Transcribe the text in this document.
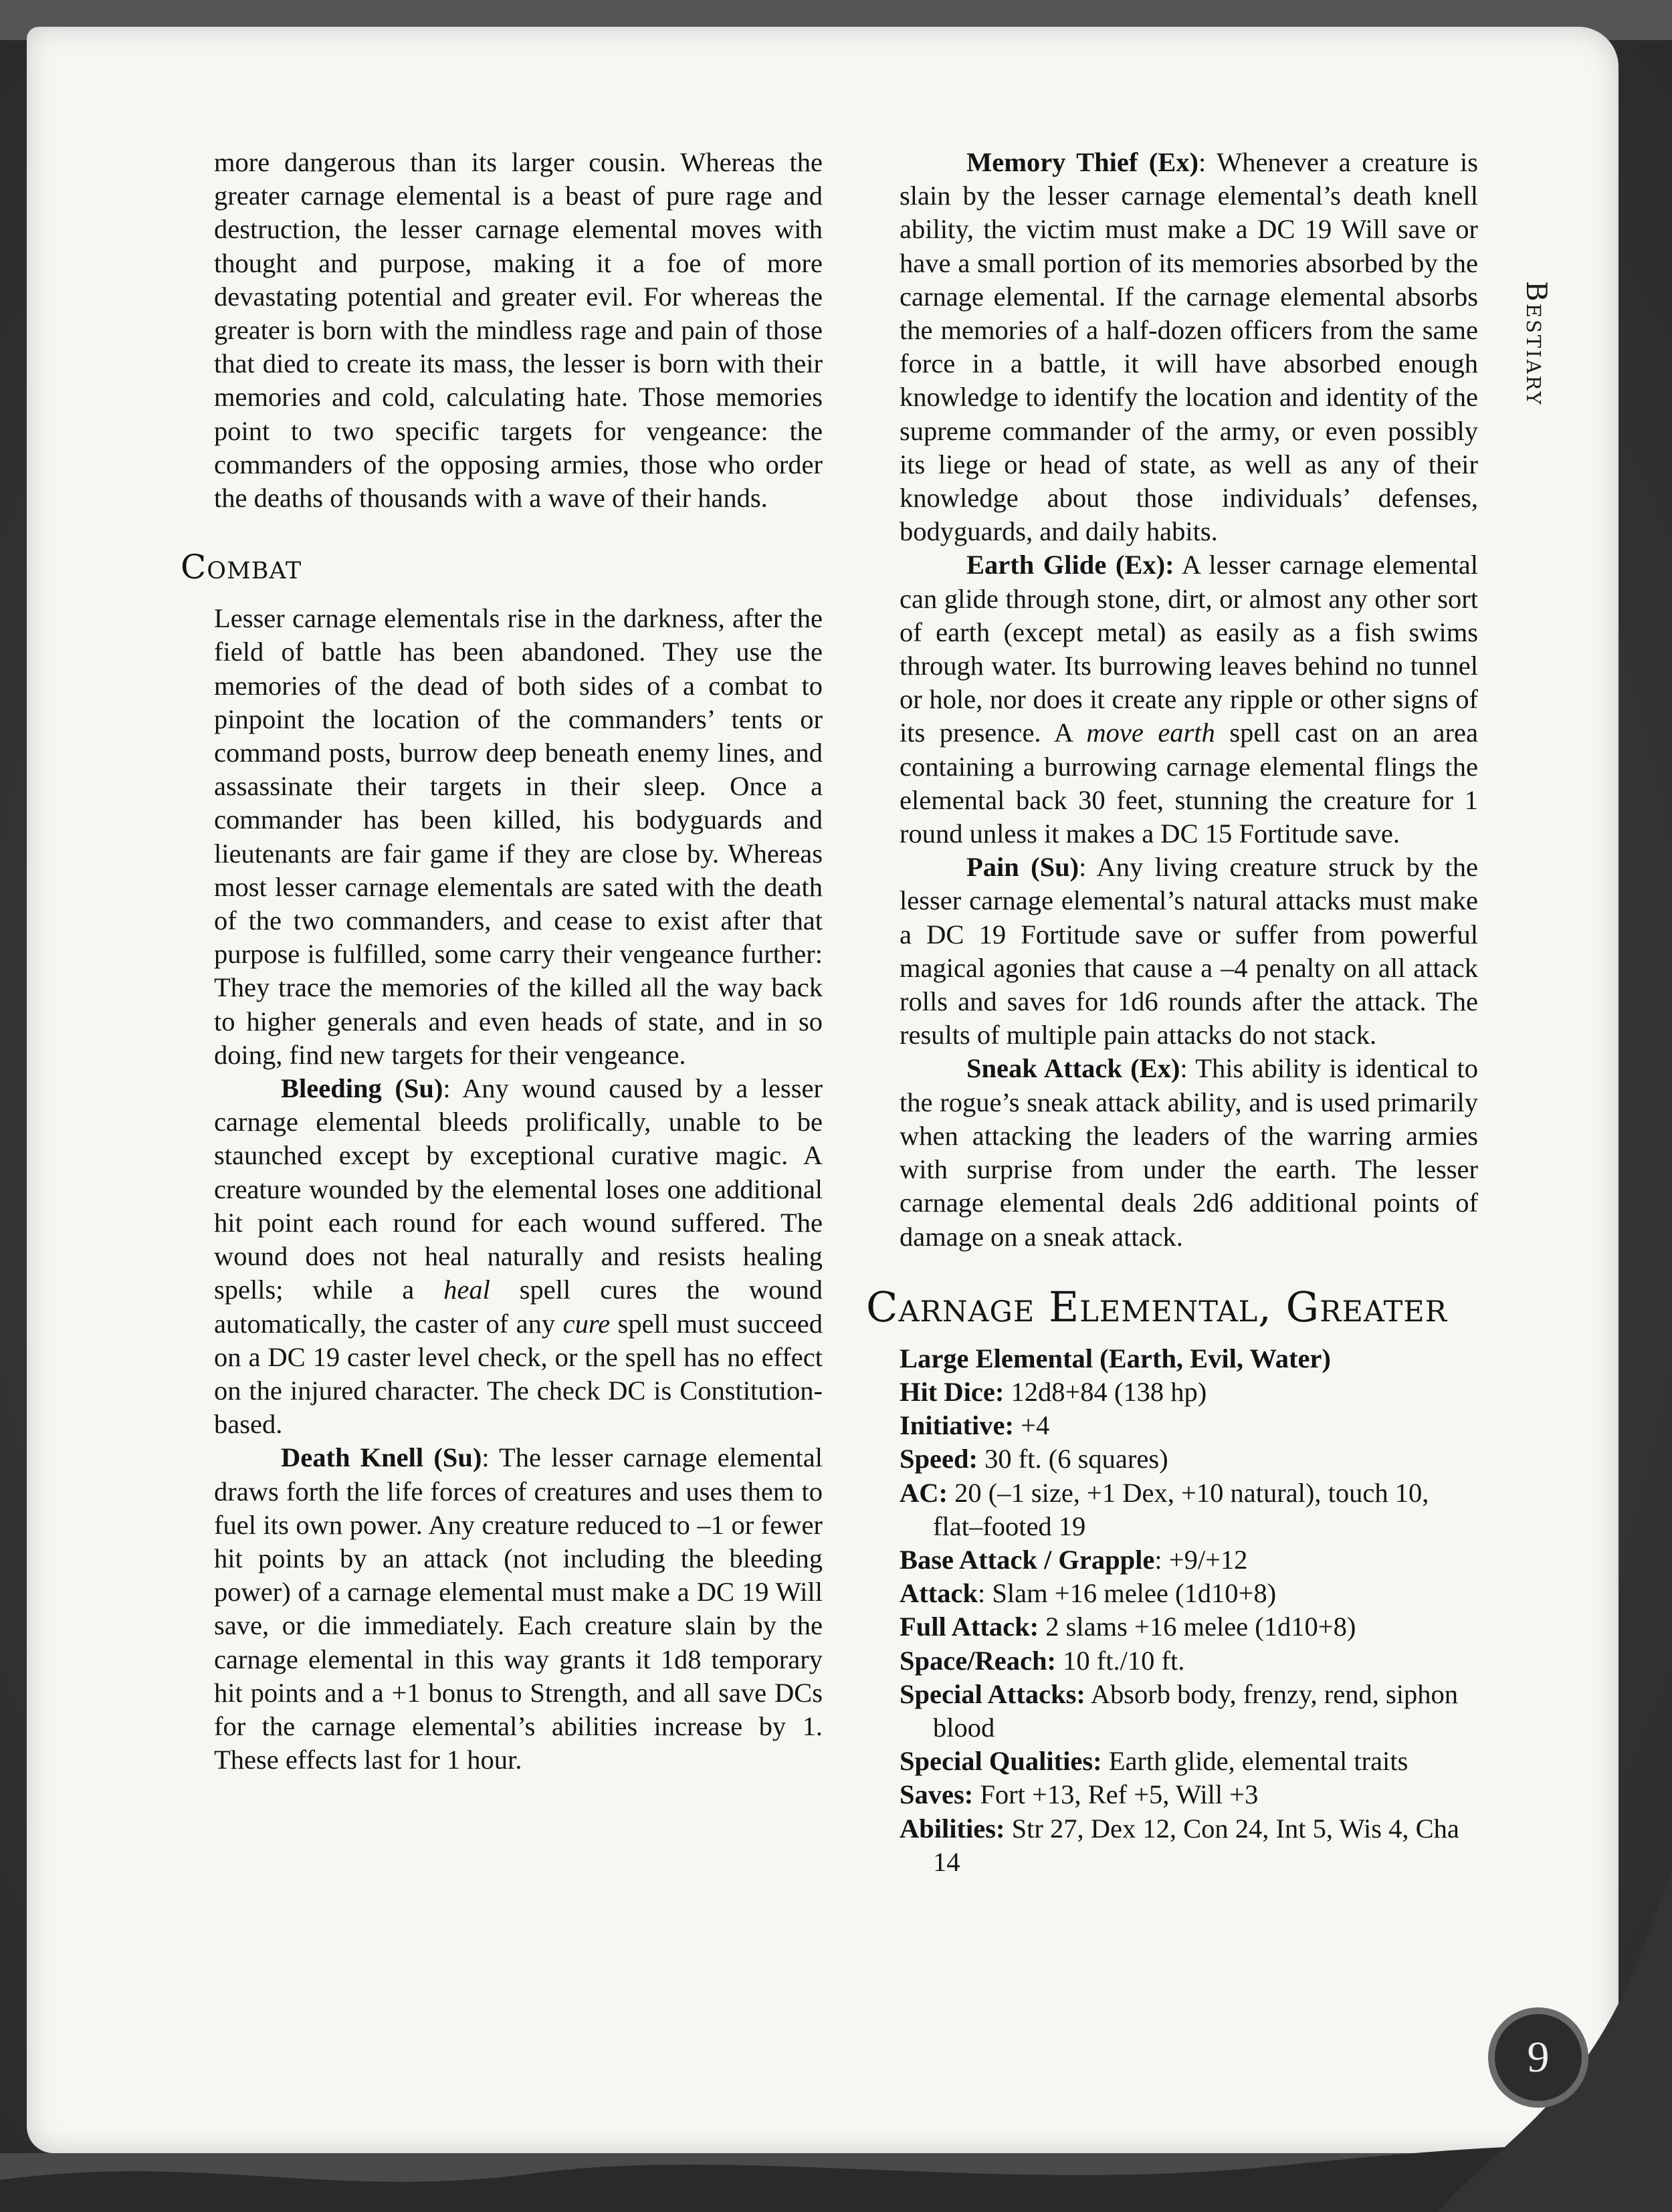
Bestiary
9

more dangerous than its larger cousin. Whereas the greater carnage elemental is a beast of pure rage and destruction, the lesser carnage elemental moves with thought and purpose, making it a foe of more devastating potential and greater evil. For whereas the greater is born with the mindless rage and pain of those that died to create its mass, the lesser is born with their memories and cold, calculating hate. Those memories point to two specific targets for vengeance: the commanders of the opposing armies, those who order the deaths of thousands with a wave of their hands.

Combat

Lesser carnage elementals rise in the darkness, after the field of battle has been abandoned. They use the memories of the dead of both sides of a combat to pinpoint the location of the commanders’ tents or command posts, burrow deep beneath enemy lines, and assassinate their targets in their sleep. Once a commander has been killed, his bodyguards and lieutenants are fair game if they are close by. Whereas most lesser carnage elementals are sated with the death of the two commanders, and cease to exist after that purpose is fulfilled, some carry their vengeance further: They trace the memories of the killed all the way back to higher generals and even heads of state, and in so doing, find new targets for their vengeance.

Bleeding (Su): Any wound caused by a lesser carnage elemental bleeds prolifically, unable to be staunched except by exceptional curative magic. A creature wounded by the elemental loses one additional hit point each round for each wound suffered. The wound does not heal naturally and resists healing spells; while a heal spell cures the wound automatically, the caster of any cure spell must succeed on a DC 19 caster level check, or the spell has no effect on the injured character. The check DC is Constitution-based.

Death Knell (Su): The lesser carnage elemental draws forth the life forces of creatures and uses them to fuel its own power. Any creature reduced to –1 or fewer hit points by an attack (not including the bleeding power) of a carnage elemental must make a DC 19 Will save, or die immediately. Each creature slain by the carnage elemental in this way grants it 1d8 temporary hit points and a +1 bonus to Strength, and all save DCs for the carnage elemental’s abilities increase by 1. These effects last for 1 hour.

Memory Thief (Ex): Whenever a creature is slain by the lesser carnage elemental’s death knell ability, the victim must make a DC 19 Will save or have a small portion of its memories absorbed by the carnage elemental. If the carnage elemental absorbs the memories of a half-dozen officers from the same force in a battle, it will have absorbed enough knowledge to identify the location and identity of the supreme commander of the army, or even possibly its liege or head of state, as well as any of their knowledge about those individuals’ defenses, bodyguards, and daily habits.

Earth Glide (Ex): A lesser carnage elemental can glide through stone, dirt, or almost any other sort of earth (except metal) as easily as a fish swims through water. Its burrowing leaves behind no tunnel or hole, nor does it create any ripple or other signs of its presence. A move earth spell cast on an area containing a burrowing carnage elemental flings the elemental back 30 feet, stunning the creature for 1 round unless it makes a DC 15 Fortitude save.

Pain (Su): Any living creature struck by the lesser carnage elemental’s natural attacks must make a DC 19 Fortitude save or suffer from powerful magical agonies that cause a –4 penalty on all attack rolls and saves for 1d6 rounds after the attack. The results of multiple pain attacks do not stack.

Sneak Attack (Ex): This ability is identical to the rogue’s sneak attack ability, and is used primarily when attacking the leaders of the warring armies with surprise from under the earth. The lesser carnage elemental deals 2d6 additional points of damage on a sneak attack.

Carnage Elemental, Greater

Large Elemental (Earth, Evil, Water)

Hit Dice: 12d8+84 (138 hp)

Initiative: +4

Speed: 30 ft. (6 squares)

AC: 20 (–1 size, +1 Dex, +10 natural), touch 10, flat–footed 19

Base Attack / Grapple: +9/+12

Attack: Slam +16 melee (1d10+8)

Full Attack: 2 slams +16 melee (1d10+8)

Space/Reach: 10 ft./10 ft.

Special Attacks: Absorb body, frenzy, rend, siphon blood

Special Qualities: Earth glide, elemental traits

Saves: Fort +13, Ref +5, Will +3

Abilities: Str 27, Dex 12, Con 24, Int 5, Wis 4, Cha 14
